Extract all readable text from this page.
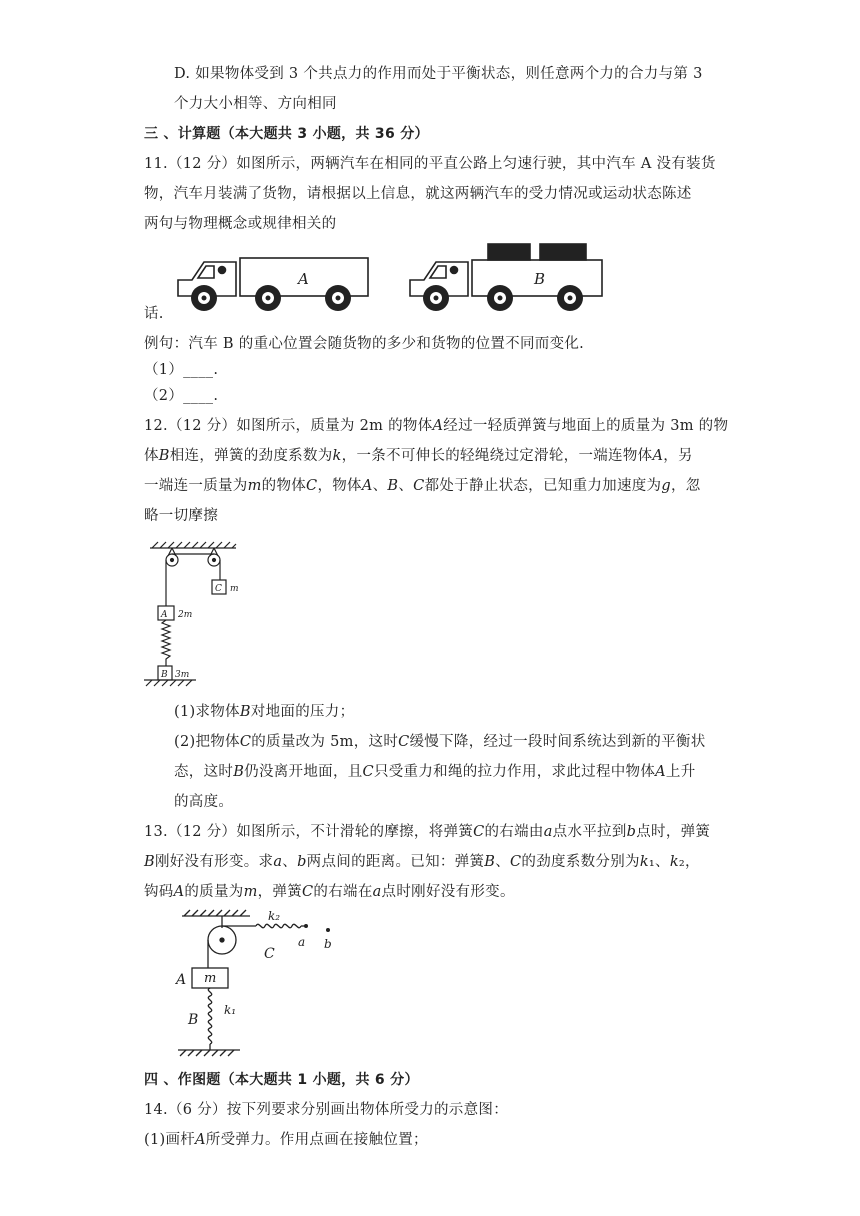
D. 如果物体受到 3 个共点力的作用而处于平衡状态，则任意两个力的合力与第 3
个力大小相等、方向相同
三 、计算题（本大题共 3 小题，共 36 分）
11.（12 分）如图所示，两辆汽车在相同的平直公路上匀速行驶，其中汽车 A 没有装货
物，汽车月装满了货物，请根据以上信息，就这两辆汽车的受力情况或运动状态陈述
两句与物理概念或规律相关的
A	B
话.
例句：汽车 B 的重心位置会随货物的多少和货物的位置不同而变化.
（1）____.
（2）____.
12.（12 分）如图所示，质量为 2m 的物体𝐴经过一轻质弹簧与地面上的质量为 3m 的物
体𝐵相连，弹簧的劲度系数为𝑘，一条不可伸长的轻绳绕过定滑轮，一端连物体𝐴，另
一端连一质量为𝑚的物体𝐶，物体𝐴、𝐵、𝐶都处于静止状态，已知重力加速度为𝑔，忽
略一切摩擦
C m
A 2m
B 3m
(1)求物体𝐵对地面的压力；
(2)把物体𝐶的质量改为 5m，这时𝐶缓慢下降，经过一段时间系统达到新的平衡状
态，这时𝐵仍没离开地面，且𝐶只受重力和绳的拉力作用，求此过程中物体𝐴上升
的高度。
13.（12 分）如图所示，不计滑轮的摩擦，将弹簧𝐶的右端由𝑎点水平拉到𝑏点时，弹簧
𝐵刚好没有形变。求𝑎、𝑏两点间的距离。已知：弹簧𝐵、𝐶的劲度系数分别为𝑘₁、𝑘₂，
钩码𝐴的质量为𝑚，弹簧𝐶的右端在𝑎点时刚好没有形变。
k₂
C
a b
A m
B
k₁
四 、作图题（本大题共 1 小题，共 6 分）
14.（6 分）按下列要求分别画出物体所受力的示意图：
(1)画杆𝐴所受弹力。作用点画在接触位置；
